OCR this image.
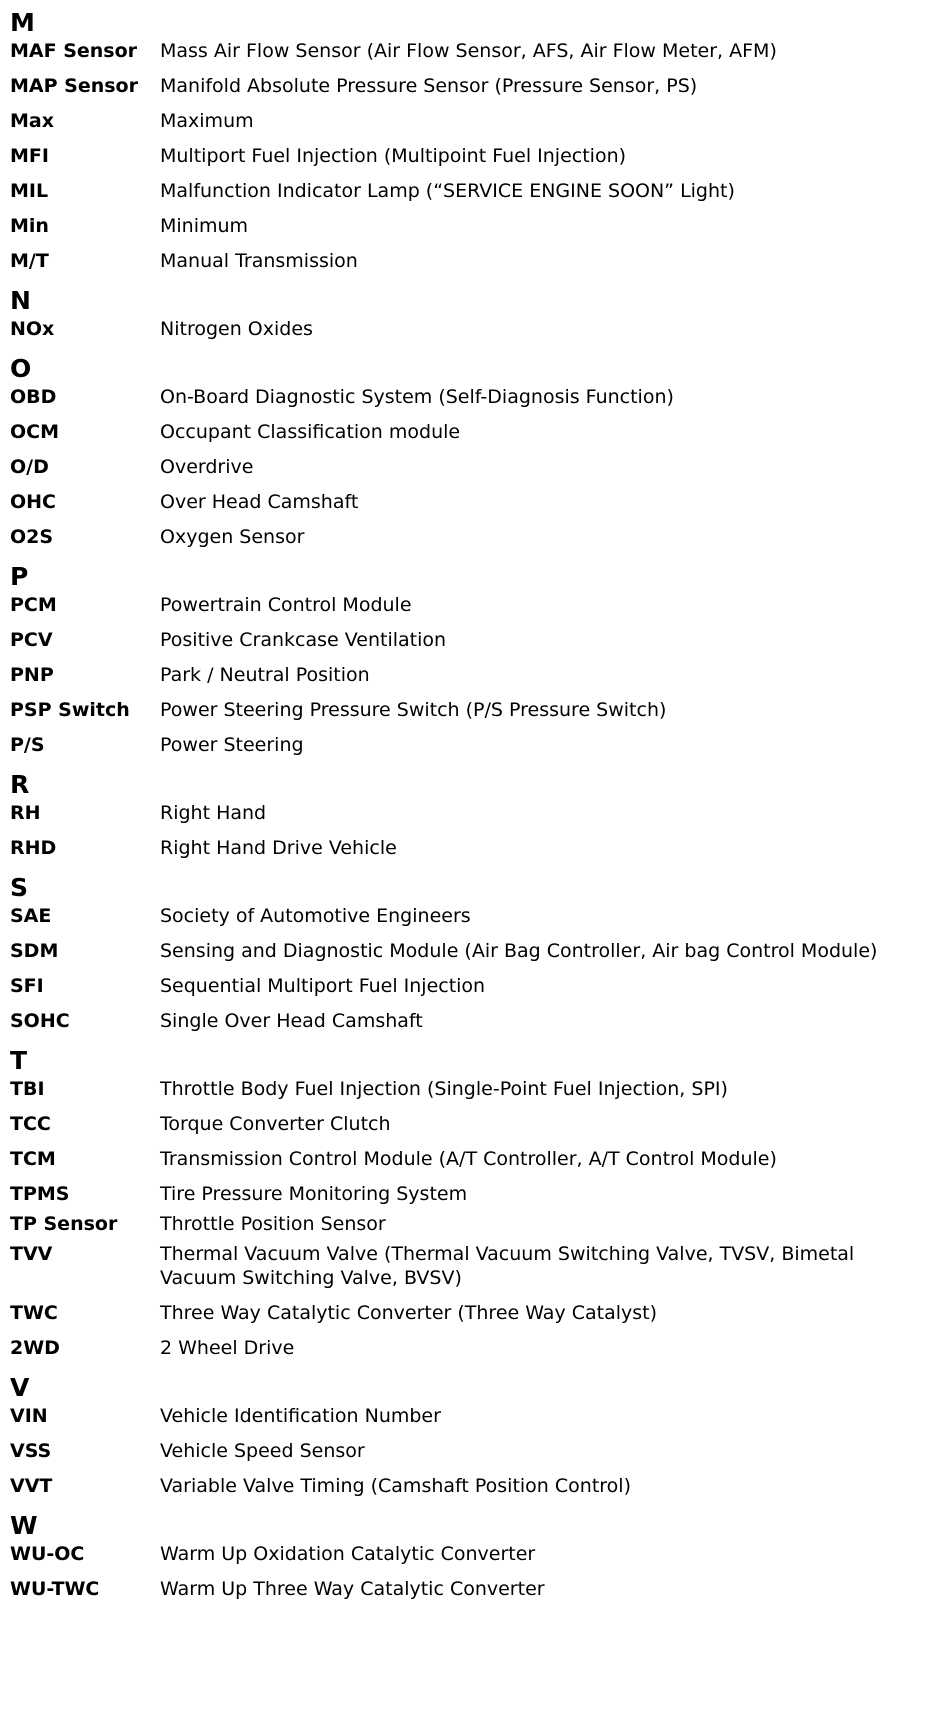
M
MAF Sensor	Mass Air Flow Sensor (Air Flow Sensor, AFS, Air Flow Meter, AFM)
MAP Sensor	Manifold Absolute Pressure Sensor (Pressure Sensor, PS)
Max	Maximum
MFI	Multiport Fuel Injection (Multipoint Fuel Injection)
MIL	Malfunction Indicator Lamp (“SERVICE ENGINE SOON” Light)
Min	Minimum
M/T	Manual Transmission
N
NOx	Nitrogen Oxides
O
OBD	On-Board Diagnostic System (Self-Diagnosis Function)
OCM	Occupant Classification module
O/D	Overdrive
OHC	Over Head Camshaft
O2S	Oxygen Sensor
P
PCM	Powertrain Control Module
PCV	Positive Crankcase Ventilation
PNP	Park / Neutral Position
PSP Switch	Power Steering Pressure Switch (P/S Pressure Switch)
P/S	Power Steering
R
RH	Right Hand
RHD	Right Hand Drive Vehicle
S
SAE	Society of Automotive Engineers
SDM	Sensing and Diagnostic Module (Air Bag Controller, Air bag Control Module)
SFI	Sequential Multiport Fuel Injection
SOHC	Single Over Head Camshaft
T
TBI	Throttle Body Fuel Injection (Single-Point Fuel Injection, SPI)
TCC	Torque Converter Clutch
TCM	Transmission Control Module (A/T Controller, A/T Control Module)
TPMS	Tire Pressure Monitoring System
TP Sensor	Throttle Position Sensor
TVV	Thermal Vacuum Valve (Thermal Vacuum Switching Valve, TVSV, Bimetal Vacuum Switching Valve, BVSV)
TWC	Three Way Catalytic Converter (Three Way Catalyst)
2WD	2 Wheel Drive
V
VIN	Vehicle Identification Number
VSS	Vehicle Speed Sensor
VVT	Variable Valve Timing (Camshaft Position Control)
W
WU-OC	Warm Up Oxidation Catalytic Converter
WU-TWC	Warm Up Three Way Catalytic Converter
